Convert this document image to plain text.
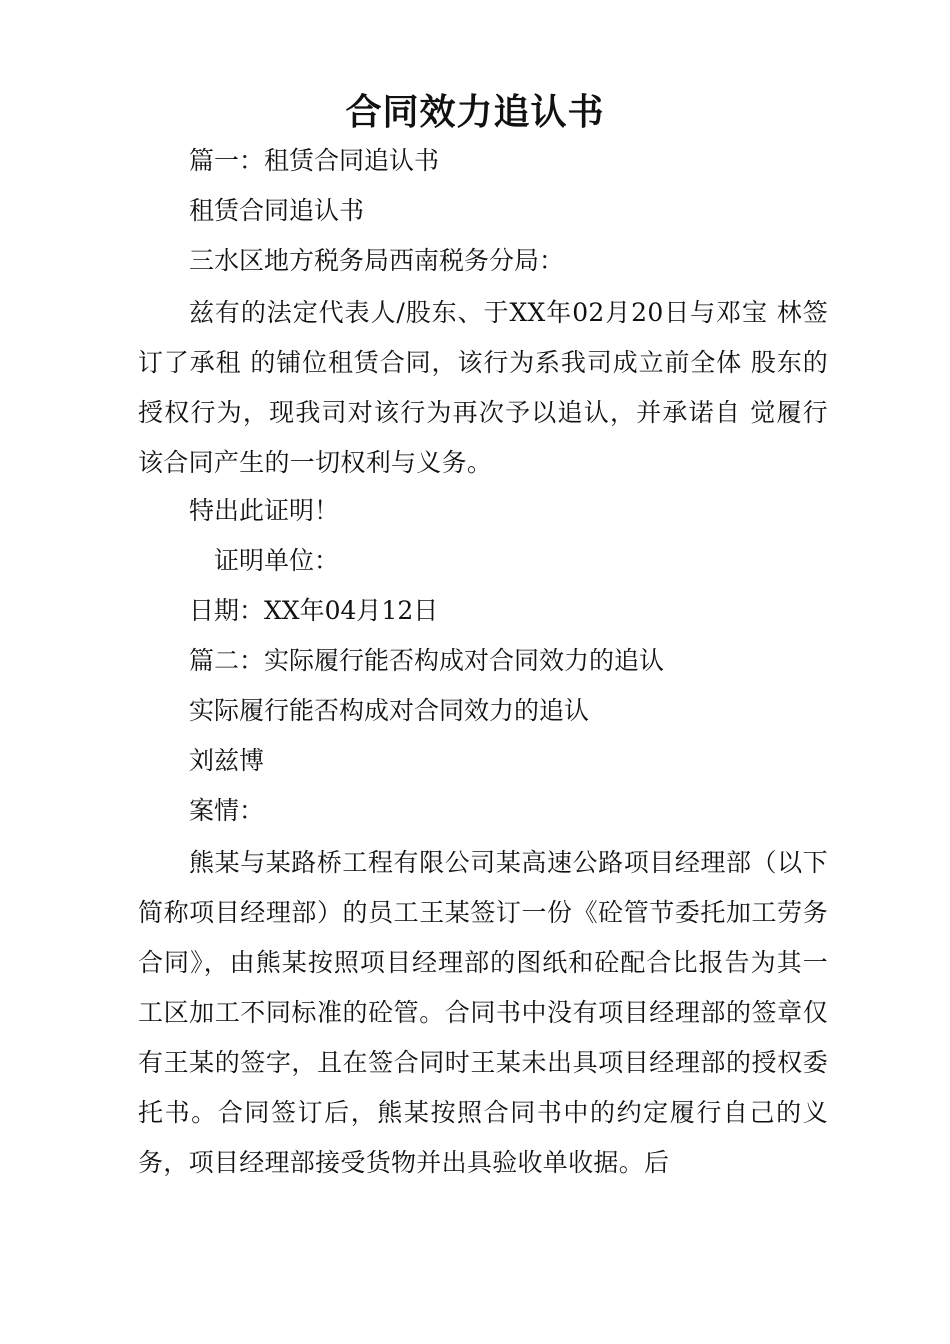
合同效力追认书
篇一：租赁合同追认书
租赁合同追认书
三水区地方税务局西南税务分局：
兹有的法定代表人/股东、于XX年02月20日与邓宝 林签订了承租 的铺位租赁合同，该行为系我司成立前全体 股东的授权行为，现我司对该行为再次予以追认，并承诺自 觉履行该合同产生的一切权利与义务。
特出此证明！
证明单位：
日期：XX年04月12日
篇二：实际履行能否构成对合同效力的追认
实际履行能否构成对合同效力的追认
刘兹博
案情：
熊某与某路桥工程有限公司某高速公路项目经理部（以下简称项目经理部）的员工王某签订一份《砼管节委托加工劳务合同》，由熊某按照项目经理部的图纸和砼配合比报告为其一工区加工不同标准的砼管。合同书中没有项目经理部的签章仅有王某的签字，且在签合同时王某未出具项目经理部的授权委托书。合同签订后，熊某按照合同书中的约定履行自己的义务，项目经理部接受货物并出具验收单收据。后
